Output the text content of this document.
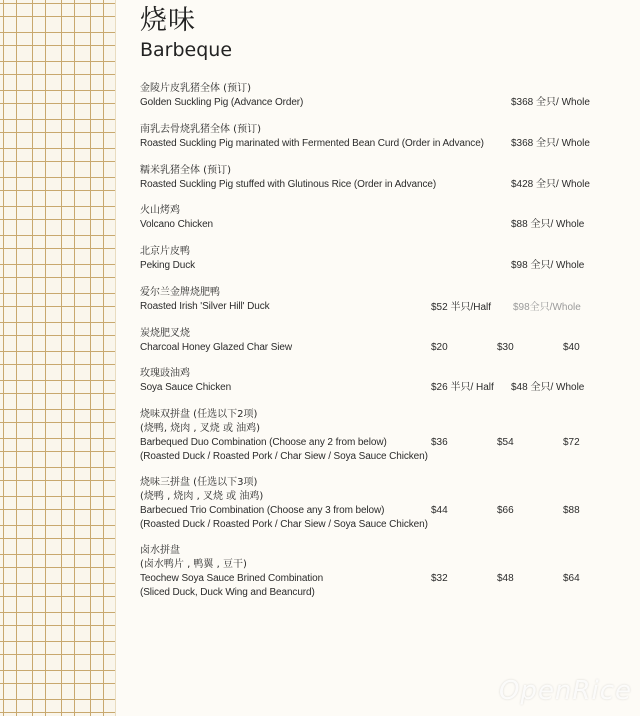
烧味
Barbeque
金陵片皮乳猪全体 (预订)
Golden Suckling Pig (Advance Order)	$368 全只/ Whole
南乳去骨烧乳猪全体 (预订)
Roasted Suckling Pig marinated with Fermented Bean Curd (Order in Advance)	$368 全只/ Whole
糯米乳猪全体 (预订)
Roasted Suckling Pig stuffed with Glutinous Rice (Order in Advance)	$428 全只/ Whole
火山烤鸡
Volcano Chicken	$88 全只/ Whole
北京片皮鸭
Peking Duck	$98 全只/ Whole
爱尔兰金牌烧肥鸭
Roasted Irish 'Silver Hill' Duck	$52 半只/Half $98全只/Whole
炭烧肥叉烧
Charcoal Honey Glazed Char Siew	$20	$30	$40
玫瑰豉油鸡
Soya Sauce Chicken	$26 半只/ Half $48 全只/ Whole
烧味双拼盘 (任选以下2项)
(烧鸭, 烧肉 , 叉烧 或 油鸡)
Barbequed Duo Combination (Choose any 2 from below)
(Roasted Duck / Roasted Pork / Char Siew / Soya Sauce Chicken)
$36	$54	$72
烧味三拼盘 (任选以下3项)
(烧鸭 , 烧肉 , 叉烧 或 油鸡)
Barbecued Trio Combination (Choose any 3 from below)
(Roasted Duck / Roasted Pork / Char Siew / Soya Sauce Chicken)
$44	$66	$88
卤水拼盘
(卤水鸭片 , 鸭翼 , 豆干)
Teochew Soya Sauce Brined Combination
(Sliced Duck, Duck Wing and Beancurd)
$32	$48	$64
OpenRice
